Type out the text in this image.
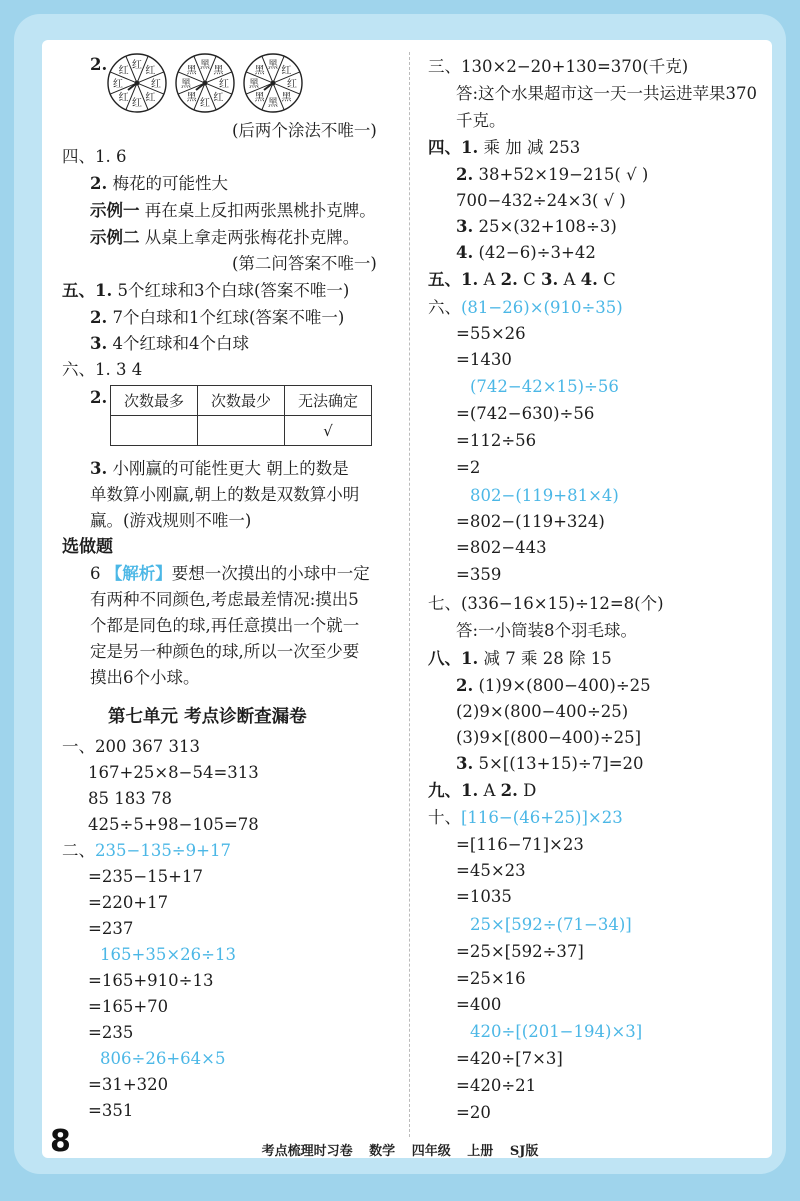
2. 红
红
红
红
红
红
红
红
黑
黑
红
红
红
黑
黑
黑
黑
红
红
黑
黑
黑
黑
黑
(后两个涂法不唯一)
四、1. 6
2. 梅花的可能性大
示例一 再在桌上反扣两张黑桃扑克牌。
示例二 从桌上拿走两张梅花扑克牌。
(第二问答案不唯一)
五、1. 5个红球和3个白球(答案不唯一)
2. 7个白球和1个红球(答案不唯一)
3. 4个红球和4个白球
六、1. 3 4
2. 次数最多	次数最少	无法确定
		√
3. 小刚赢的可能性更大 朝上的数是
单数算小刚赢,朝上的数是双数算小明
赢。(游戏规则不唯一)
选做题
6 【解析】要想一次摸出的小球中一定
有两种不同颜色,考虑最差情况:摸出5
个都是同色的球,再任意摸出一个就一
定是另一种颜色的球,所以一次至少要
摸出6个小球。
第七单元 考点诊断查漏卷
一、200 367 313
167+25×8−54=313
85 183 78
425÷5+98−105=78
二、235−135÷9+17
=235−15+17
=220+17
=237
165+35×26÷13
=165+910÷13
=165+70
=235
806÷26+64×5
=31+320
=351
三、130×2−20+130=370(千克)
答:这个水果超市这一天一共运进苹果370
千克。
四、1. 乘 加 减 253
2. 38+52×19−215( √ )
700−432÷24×3( √ )
3. 25×(32+108÷3)
4. (42−6)÷3+42
五、1. A 2. C 3. A 4. C
六、(81−26)×(910÷35)
=55×26
=1430
(742−42×15)÷56
=(742−630)÷56
=112÷56
=2
802−(119+81×4)
=802−(119+324)
=802−443
=359
七、(336−16×15)÷12=8(个)
答:一小筒装8个羽毛球。
八、1. 减 7 乘 28 除 15
2. (1)9×(800−400)÷25
(2)9×(800−400÷25)
(3)9×[(800−400)÷25]
3. 5×[(13+15)÷7]=20
九、1. A 2. D
十、[116−(46+25)]×23
=[116−71]×23
=45×23
=1035
25×[592÷(71−34)]
=25×[592÷37]
=25×16
=400
420÷[(201−194)×3]
=420÷[7×3]
=420÷21
=20
8	考点梳理时习卷 数学 四年级 上册 SJ版
